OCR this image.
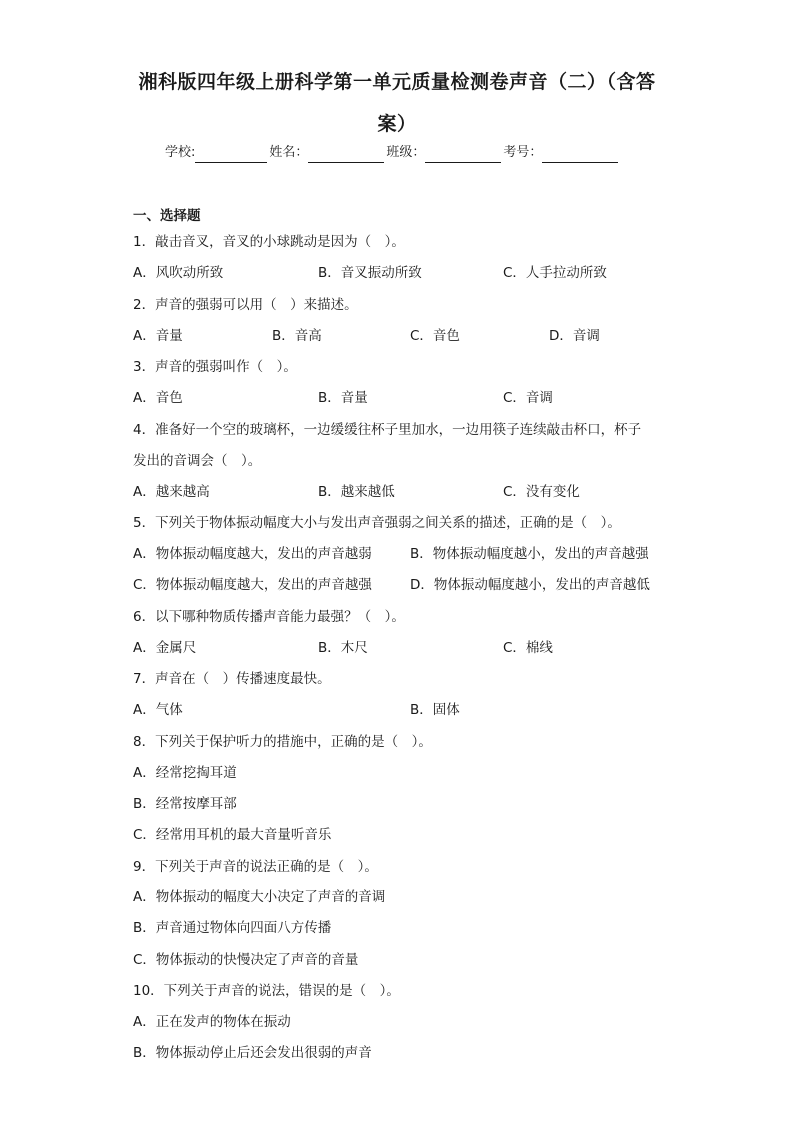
湘科版四年级上册科学第一单元质量检测卷声音（二）（含答
案）
学校:	姓名：	班级：	考号：
一、选择题
1．敲击音叉，音叉的小球跳动是因为（　）。
A．风吹动所致	B．音叉振动所致	C．人手拉动所致
2．声音的强弱可以用（　）来描述。
A．音量	B．音高	C．音色	D．音调
3．声音的强弱叫作（　）。
A．音色	B．音量	C．音调
4．准备好一个空的玻璃杯，一边缓缓往杯子里加水，一边用筷子连续敲击杯口，杯子
发出的音调会（　）。
A．越来越高	B．越来越低	C．没有变化
5．下列关于物体振动幅度大小与发出声音强弱之间关系的描述，正确的是（　）。
A．物体振动幅度越大，发出的声音越弱	B．物体振动幅度越小，发出的声音越强
C．物体振动幅度越大，发出的声音越强	D．物体振动幅度越小，发出的声音越低
6．以下哪种物质传播声音能力最强？（　）。
A．金属尺	B．木尺	C．棉线
7．声音在（　）传播速度最快。
A．气体	B．固体
8．下列关于保护听力的措施中，正确的是（　）。
A．经常挖掏耳道
B．经常按摩耳部
C．经常用耳机的最大音量听音乐
9．下列关于声音的说法正确的是（　）。
A．物体振动的幅度大小决定了声音的音调
B．声音通过物体向四面八方传播
C．物体振动的快慢决定了声音的音量
10．下列关于声音的说法，错误的是（　）。
A．正在发声的物体在振动
B．物体振动停止后还会发出很弱的声音
